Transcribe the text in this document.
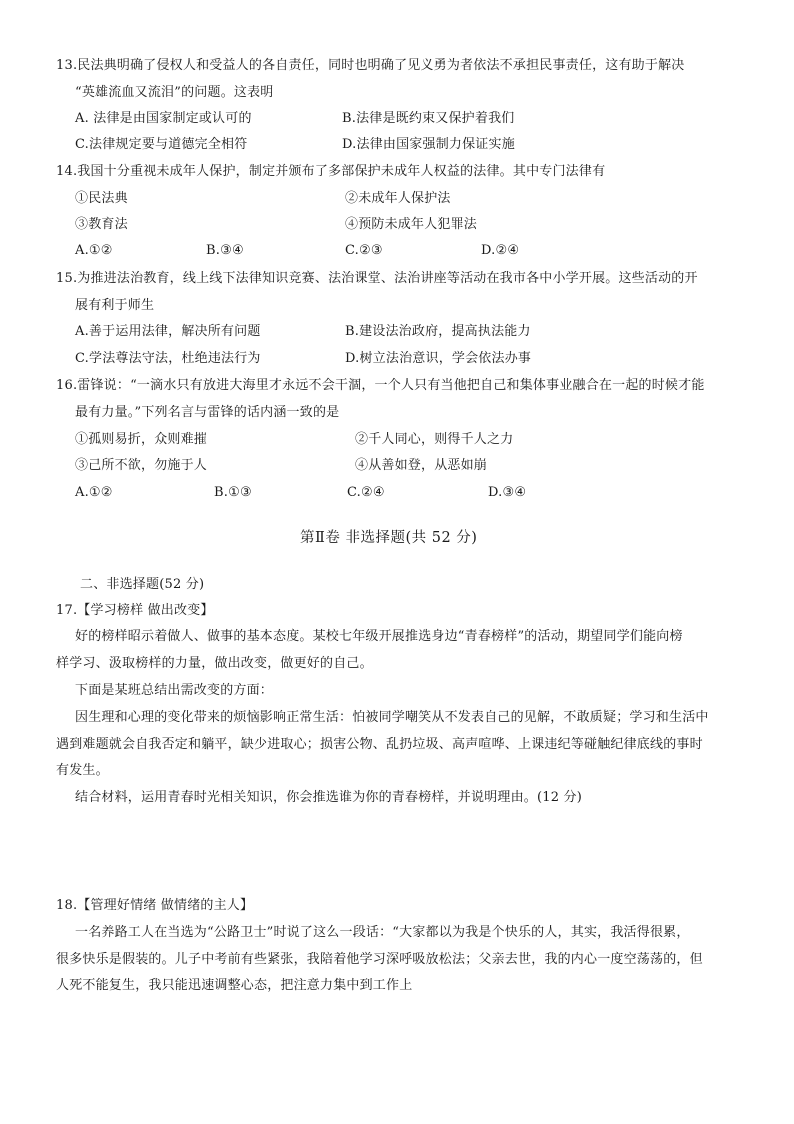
13.民法典明确了侵权人和受益人的各自责任，同时也明确了见义勇为者依法不承担民事责任，这有助于解决
“英雄流血又流泪”的问题。这表明
A. 法律是由国家制定或认可的	B.法律是既约束又保护着我们
C.法律规定要与道德完全相符	D.法律由国家强制力保证实施
14.我国十分重视未成年人保护，制定并颁布了多部保护未成年人权益的法律。其中专门法律有
①民法典	②未成年人保护法
③教育法	④预防未成年人犯罪法
A.①②	B.③④	C.②③	D.②④
15.为推进法治教育，线上线下法律知识竞赛、法治课堂、法治讲座等活动在我市各中小学开展。这些活动的开
展有利于师生
A.善于运用法律，解决所有问题	B.建设法治政府，提高执法能力
C.学法尊法守法，杜绝违法行为	D.树立法治意识，学会依法办事
16.雷锋说：“一滴水只有放进大海里才永远不会干涸，一个人只有当他把自己和集体事业融合在一起的时候才能
最有力量。”下列名言与雷锋的话内涵一致的是
①孤则易折，众则难摧	②千人同心，则得千人之力
③己所不欲，勿施于人	④从善如登，从恶如崩
A.①②	B.①③	C.②④	D.③④
第Ⅱ卷 非选择题(共 52 分)
二、非选择题(52 分)
17.【学习榜样 做出改变】
好的榜样昭示着做人、做事的基本态度。某校七年级开展推选身边“青春榜样”的活动，期望同学们能向榜
样学习、汲取榜样的力量，做出改变，做更好的自己。
下面是某班总结出需改变的方面：
因生理和心理的变化带来的烦恼影响正常生活：怕被同学嘲笑从不发表自己的见解，不敢质疑；学习和生活中
遇到难题就会自我否定和躺平，缺少进取心；损害公物、乱扔垃圾、高声喧哗、上课违纪等碰触纪律底线的事时
有发生。
结合材料，运用青春时光相关知识，你会推选谁为你的青春榜样，并说明理由。(12 分)
18.【管理好情绪 做情绪的主人】
一名养路工人在当选为“公路卫士”时说了这么一段话：“大家都以为我是个快乐的人，其实，我活得很累，
很多快乐是假装的。儿子中考前有些紧张，我陪着他学习深呼吸放松法；父亲去世，我的内心一度空荡荡的，但
人死不能复生，我只能迅速调整心态，把注意力集中到工作上
